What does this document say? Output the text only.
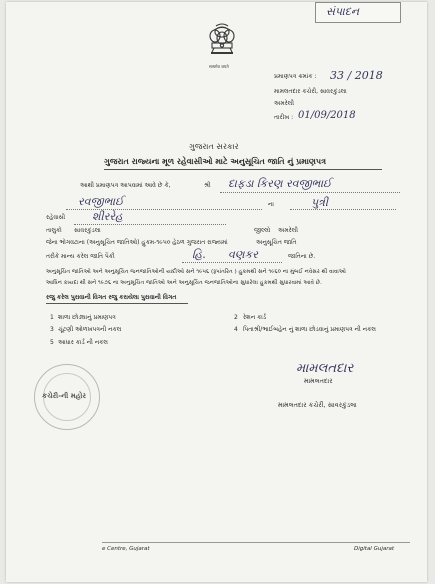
સંપાદન
सत्यमेव जयते
પ્રમાણપત્ર ક્રમાંક : 33 / 2018
મામલતદાર કચેરી, સાવરકુંડલા
અમરેલી
તારીખ : 01/09/2018
ગુજરાત સરકાર
ગુજરાત રાજ્યના મૂળ રહેવાસીઓ માટે અનુસૂચિત જાતિ નું પ્રમાણપત્ર
આથી પ્રમાણપત્ર આપવામાં આવે છે કે,	શ્રી દાફડા કિરણ રવજીભાઈ
રવજીભાઈ	ના	પુત્રી
રહેવાસી શીરરેહ
તાલુકો સાવરકુંડલા	જીલ્લો અમરેલી
જેના ભોગવટાના (અનુસૂચિત જાતિઓ) હુકમ-૧૯૫૦ હેઠળ ગુજરાત રાજ્યમાં	અનુસૂચિત જાતિ
તરીકે માન્ય કરેલ જાતિ પૈકી	હિ. વણકર	જાતિના છે.
અનુસૂચિત જાતિઓ અને અનુસૂચિત જનજાતિઓની યાદીઓ સને ૧૯૫૬ (રૂપાંતરિત ) હુકમથી સને ૧૯૬૦ ના મુંબઈ નવેસર થી વાવાઓ
આધિન કાયદા થી સને ૧૯૭૬ ના અનુસૂચિત જાતિઓ અને અનુસૂચિત જનજાતિઓના સુધારેલા હુકમથી સુધારવામાં આવે છે.
રજુ કરેલ પુરાવાની વિગત રજુ કરાયેલા પુરાવાની વિગત
1 શાળા છોડ્યાનું પ્રમાણપત્ર	2 રેશન કાર્ડ
3 ચૂંટણી ઓળખપત્રની નકલ	4 પિતાશ્રી/ભાઈબહેન નું શાળા છોડવાનું પ્રમાણપત્ર ની નકલ
5 આધાર કાર્ડ ની નકલ
કચેરી-ની મહોર
મામલતદાર
મામલતદાર
મામલતદાર કચેરી, સાવરકુંડલા
e Centre, Gujarat	Digital Gujarat
